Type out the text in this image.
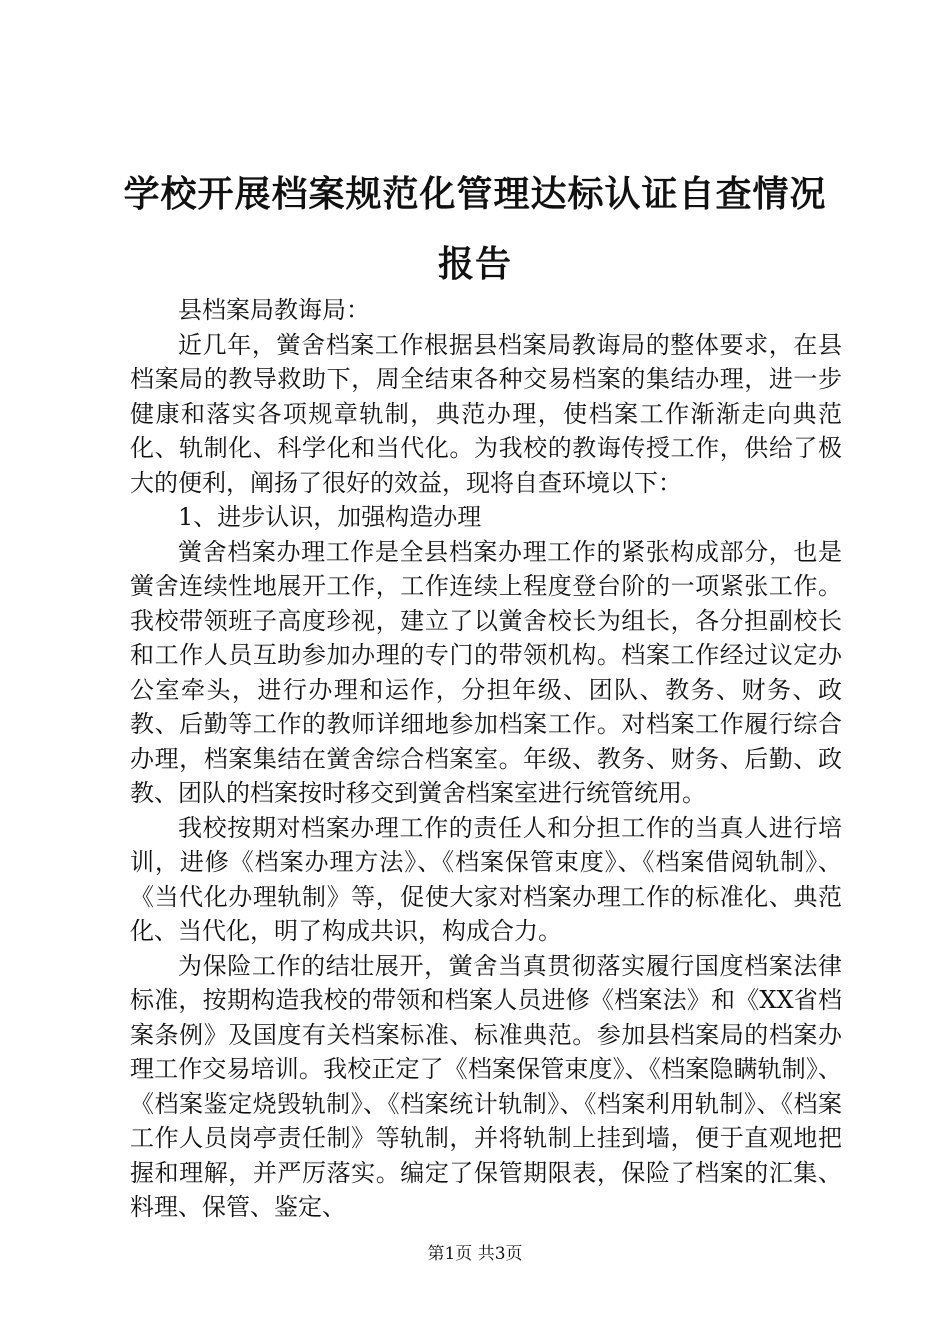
学校开展档案规范化管理达标认证自查情况报告

县档案局教诲局：

近几年，黉舍档案工作根据县档案局教诲局的整体要求，在县档案局的教导救助下，周全结束各种交易档案的集结办理，进一步健康和落实各项规章轨制，典范办理，使档案工作渐渐走向典范化、轨制化、科学化和当代化。为我校的教诲传授工作，供给了极大的便利，阐扬了很好的效益，现将自查环境以下：

1、进步认识，加强构造办理

黉舍档案办理工作是全县档案办理工作的紧张构成部分，也是黉舍连续性地展开工作，工作连续上程度登台阶的一项紧张工作。我校带领班子高度珍视，建立了以黉舍校长为组长，各分担副校长和工作人员互助参加办理的专门的带领机构。档案工作经过议定办公室牵头，进行办理和运作，分担年级、团队、教务、财务、政教、后勤等工作的教师详细地参加档案工作。对档案工作履行综合办理，档案集结在黉舍综合档案室。年级、教务、财务、后勤、政教、团队的档案按时移交到黉舍档案室进行统管统用。

我校按期对档案办理工作的责任人和分担工作的当真人进行培训，进修《档案办理方法》、《档案保管束度》、《档案借阅轨制》、《当代化办理轨制》等，促使大家对档案办理工作的标准化、典范化、当代化，明了构成共识，构成合力。

为保险工作的结壮展开，黉舍当真贯彻落实履行国度档案法律标准，按期构造我校的带领和档案人员进修《档案法》和《XX省档案条例》及国度有关档案标准、标准典范。参加县档案局的档案办理工作交易培训。我校正定了《档案保管束度》、《档案隐瞒轨制》、《档案鉴定烧毁轨制》、《档案统计轨制》、《档案利用轨制》、《档案工作人员岗亭责任制》等轨制，并将轨制上挂到墙，便于直观地把握和理解，并严厉落实。编定了保管期限表，保险了档案的汇集、料理、保管、鉴定、

第1页 共3页
